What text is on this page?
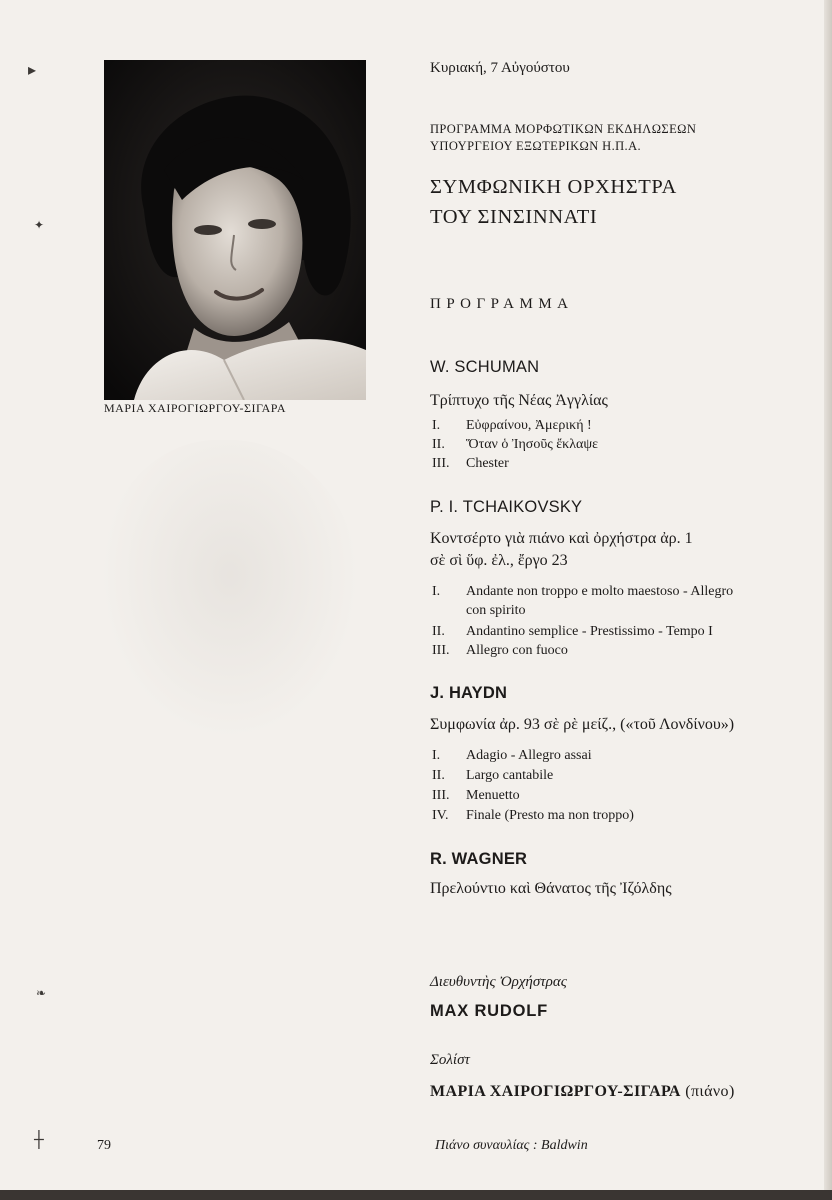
▸
✦
❧
┼
ΜΑΡΙΑ ΧΑΙΡΟΓΙΩΡΓΟΥ-ΣΙΓΑΡΑ
Κυριακή, 7 Αὐγούστου
ΠΡΟΓΡΑΜΜΑ ΜΟΡΦΩΤΙΚΩΝ ΕΚΔΗΛΩΣΕΩΝ
ΥΠΟΥΡΓΕΙΟΥ ΕΞΩΤΕΡΙΚΩΝ Η.Π.Α.
ΣΥΜΦΩΝΙΚΗ ΟΡΧΗΣΤΡΑ
ΤΟΥ ΣΙΝΣΙΝΝΑΤΙ
ΠΡΟΓΡΑΜΜΑ
W. SCHUMAN
Τρίπτυχο τῆς Νέας Ἀγγλίας
I. Εὐφραίνου, Ἀμερική !
II. Ὅταν ὁ Ἰησοῦς ἔκλαψε
III. Chester
P. I. TCHAIKOVSKY
Κοντσέρτο γιὰ πιάνο καὶ ὀρχήστρα ἀρ. 1
σὲ σὶ ὕφ. ἐλ., ἔργο 23
I. Andante non troppo e molto maestoso - Allegro
con spirito
II. Andantino semplice - Prestissimo - Tempo I
III. Allegro con fuoco
J. HAYDN
Συμφωνία ἀρ. 93 σὲ ρὲ μείζ., («τοῦ Λονδίνου»)
I. Adagio - Allegro assai
II. Largo cantabile
III. Menuetto
IV. Finale (Presto ma non troppo)
R. WAGNER
Πρελούντιο καὶ Θάνατος τῆς Ἰζόλδης
Διευθυντὴς Ὀρχήστρας
MAX RUDOLF
Σολίστ
ΜΑΡΙΑ ΧΑΙΡΟΓΙΩΡΓΟΥ-ΣΙΓΑΡΑ (πιάνο)
79	Πιάνο συναυλίας : Baldwin
